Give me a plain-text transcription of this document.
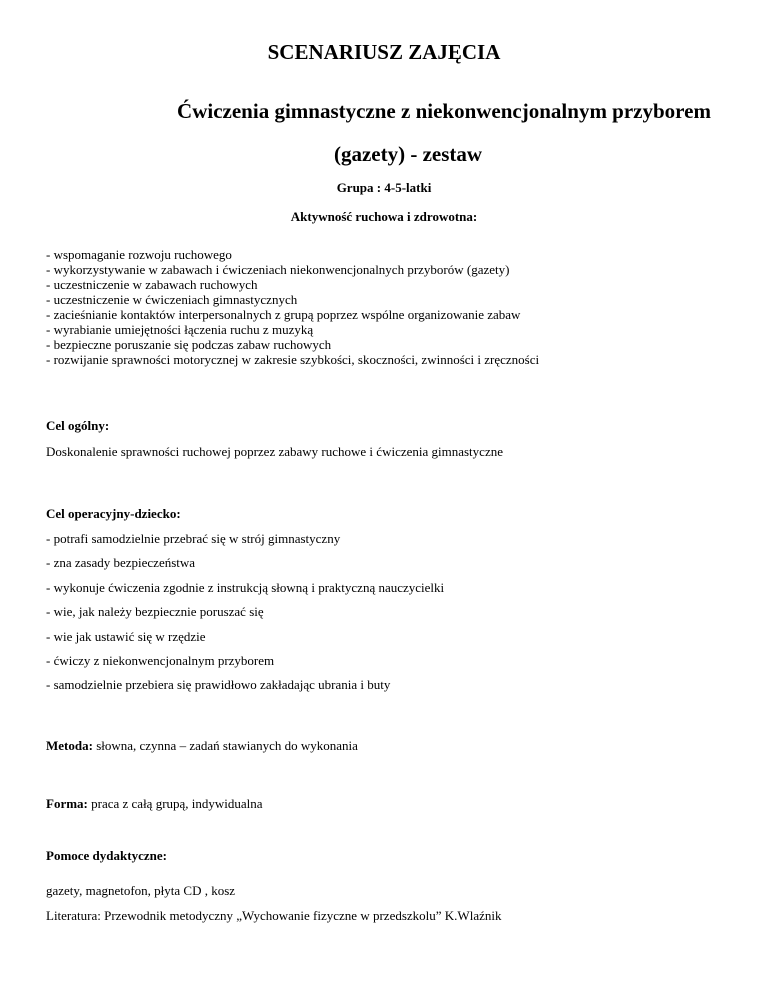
SCENARIUSZ ZAJĘCIA
Ćwiczenia gimnastyczne z niekonwencjonalnym przyborem
(gazety) - zestaw
Grupa : 4-5-latki
Aktywność ruchowa i zdrowotna:
- wspomaganie rozwoju ruchowego
- wykorzystywanie w zabawach i ćwiczeniach niekonwencjonalnych przyborów (gazety)
- uczestniczenie w zabawach ruchowych
- uczestniczenie w ćwiczeniach gimnastycznych
- zacieśnianie kontaktów interpersonalnych z grupą poprzez wspólne organizowanie zabaw
- wyrabianie umiejętności łączenia ruchu z muzyką
- bezpieczne poruszanie się podczas zabaw ruchowych
- rozwijanie sprawności motorycznej w zakresie szybkości, skoczności, zwinności i zręczności
Cel ogólny:
Doskonalenie sprawności ruchowej poprzez zabawy ruchowe i ćwiczenia gimnastyczne
Cel operacyjny-dziecko:
- potrafi samodzielnie przebrać się w strój gimnastyczny
- zna zasady bezpieczeństwa
- wykonuje ćwiczenia zgodnie z instrukcją słowną i praktyczną nauczycielki
- wie, jak należy bezpiecznie poruszać się
- wie jak ustawić się w rzędzie
- ćwiczy z niekonwencjonalnym przyborem
- samodzielnie przebiera się prawidłowo zakładając ubrania i buty
Metoda: słowna, czynna – zadań stawianych do wykonania
Forma: praca z całą grupą, indywidualna
Pomoce dydaktyczne:
gazety, magnetofon, płyta CD , kosz
Literatura: Przewodnik metodyczny „Wychowanie fizyczne w przedszkolu” K.Wlaźnik
